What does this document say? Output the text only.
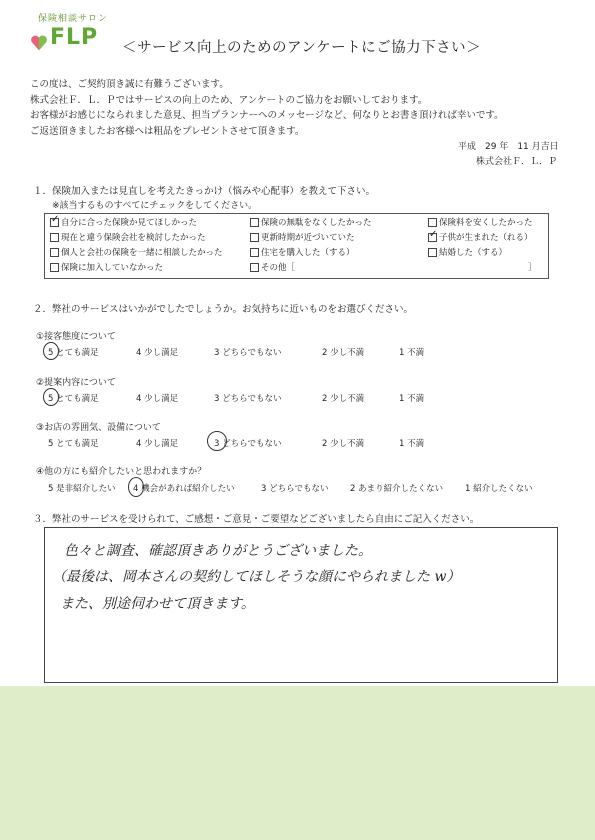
保険相談サロン
FLP ＜サービス向上のためのアンケートにご協力下さい＞
この度は、ご契約頂き誠に有難うございます。
株式会社Ｆ．Ｌ．Ｐではサービスの向上のため、アンケートのご協力をお願いしております。
お客様がお感じになられました意見、担当プランナーへのメッセージなど、何なりとお書き頂ければ幸いです。
ご返送頂きましたお客様へは粗品をプレゼントさせて頂きます。
平成　29 年　11 月吉日
株式会社Ｆ．Ｌ．Ｐ
１．保険加入または見直しを考えたきっかけ（悩みや心配事）を教えて下さい。
※該当するものすべてにチェックをしてください。
✓ 自分に合った保険か見てほしかった	保険の無駄をなくしたかった	保険料を安くしたかった
現在と違う保険会社を検討したかった	更新時期が近づいていた	✓ 子供が生まれた（れる）
個人と会社の保険を一緒に相談したかった	住宅を購入した（する）	結婚した（する）
保険に加入していなかった	その他［	］
２．弊社のサービスはいかがでしたでしょうか。お気持ちに近いものをお選びください。
①接客態度について
5 とても満足	4 少し満足	3 どちらでもない	2 少し不満	1 不満
②提案内容について
5 とても満足	4 少し満足	3 どちらでもない	2 少し不満	1 不満
③お店の雰囲気、設備について
5 とても満足	4 少し満足	3 どちらでもない	2 少し不満	1 不満
④他の方にも紹介したいと思われますか？
5 是非紹介したい 4 機会があれば紹介したい	3 どちらでもない	2 あまり紹介したくない	1 紹介したくない
３．弊社のサービスを受けられて、ご感想・ご意見・ご要望などございましたら自由にご記入ください。
色々と調査、確認頂きありがとうございました。
（最後は、岡本さんの契約してほしそうな顔にやられました w）
また、別途伺わせて頂きます。
